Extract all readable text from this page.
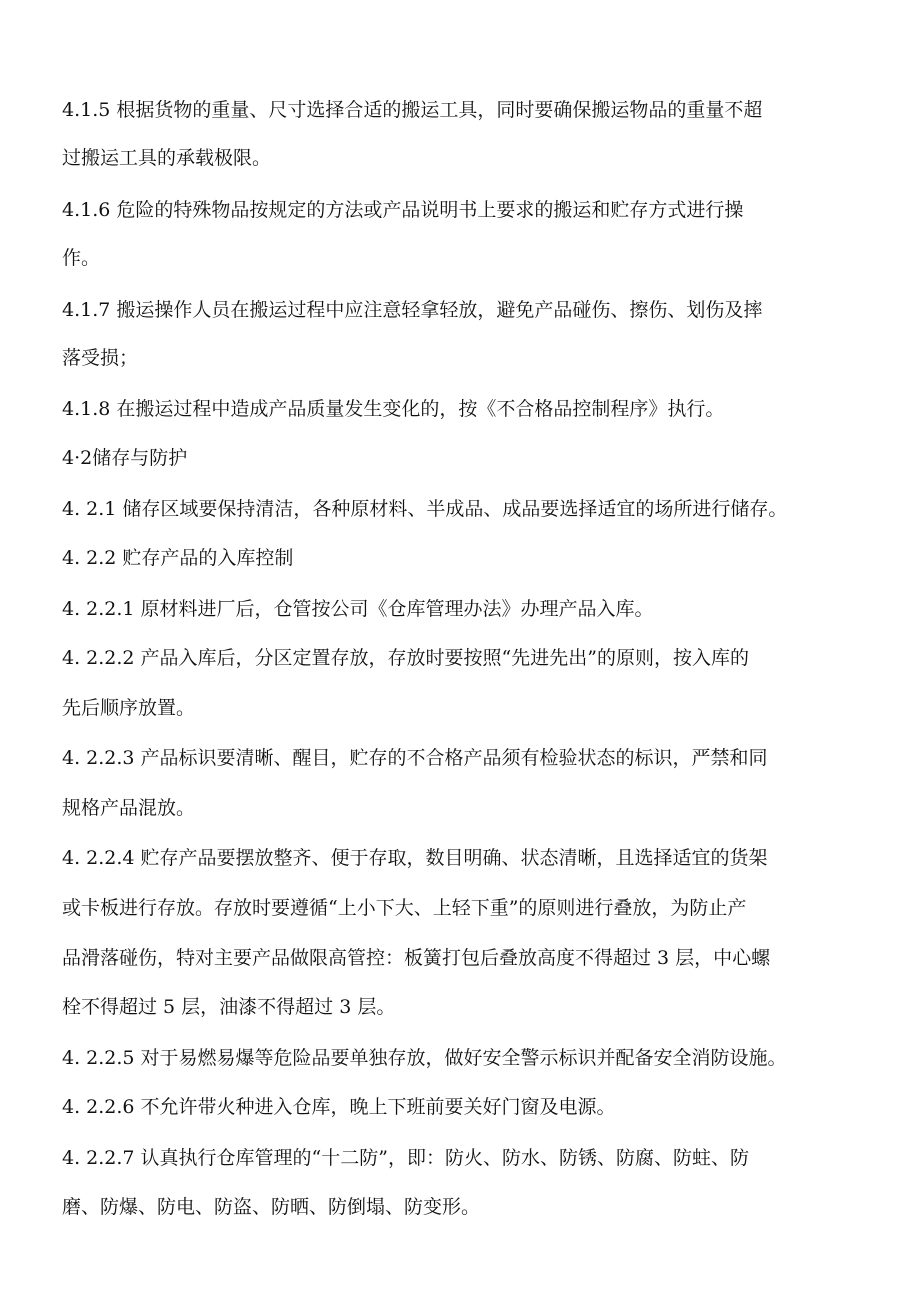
4.1.5 根据货物的重量、尺寸选择合适的搬运工具，同时要确保搬运物品的重量不超
过搬运工具的承载极限。
4.1.6 危险的特殊物品按规定的方法或产品说明书上要求的搬运和贮存方式进行操
作。
4.1.7 搬运操作人员在搬运过程中应注意轻拿轻放，避免产品碰伤、擦伤、划伤及摔
落受损；
4.1.8 在搬运过程中造成产品质量发生变化的，按《不合格品控制程序》执行。
4·2储存与防护
4. 2.1 储存区域要保持清洁，各种原材料、半成品、成品要选择适宜的场所进行储存。
4. 2.2 贮存产品的入库控制
4. 2.2.1 原材料进厂后，仓管按公司《仓库管理办法》办理产品入库。
4. 2.2.2 产品入库后，分区定置存放，存放时要按照“先进先出”的原则，按入库的
先后顺序放置。
4. 2.2.3 产品标识要清晰、醒目，贮存的不合格产品须有检验状态的标识，严禁和同
规格产品混放。
4. 2.2.4 贮存产品要摆放整齐、便于存取，数目明确、状态清晰，且选择适宜的货架
或卡板进行存放。存放时要遵循“上小下大、上轻下重”的原则进行叠放，为防止产
品滑落碰伤，特对主要产品做限高管控：板簧打包后叠放高度不得超过 3 层，中心螺
栓不得超过 5 层，油漆不得超过 3 层。
4. 2.2.5 对于易燃易爆等危险品要单独存放，做好安全警示标识并配备安全消防设施。
4. 2.2.6 不允许带火种进入仓库，晚上下班前要关好门窗及电源。
4. 2.2.7 认真执行仓库管理的“十二防”，即：防火、防水、防锈、防腐、防蛀、防
磨、防爆、防电、防盗、防晒、防倒塌、防变形。
